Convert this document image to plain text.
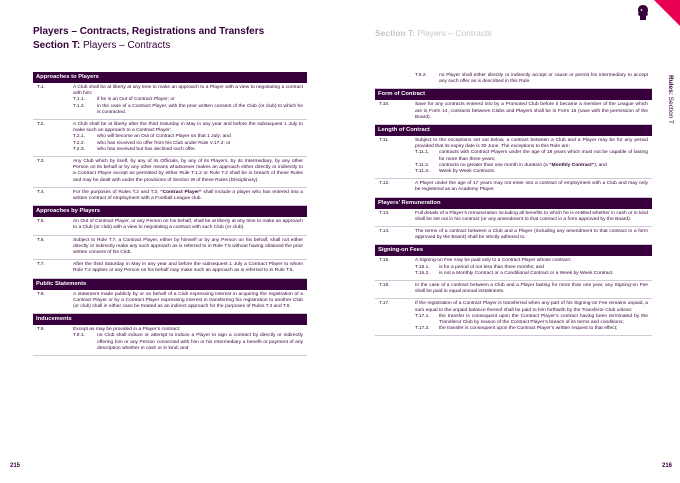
Players – Contracts, Registrations and Transfers
Section T: Players – Contracts
Approaches to Players
T.1.	A Club shall be at liberty at any time to make an approach to a Player with a view to negotiating a contract with him:
T.1.1.	if he is an Out of Contract Player; or
T.1.2.	in the case of a Contract Player, with the prior written consent of the Club (or club) to which he is contracted.
T.2.	A Club shall be at liberty after the third Saturday in May in any year and before the subsequent 1 July to make such an approach to a Contract Player:
T.2.1.	who will become an Out of Contract Player on that 1 July; and
T.2.2.	who has received no offer from his Club under Rule V.17.2; or
T.2.3.	who has received but has declined such offer.
T.3.	Any Club which by itself, by any of its Officials, by any of its Players, by its Intermediary, by any other Person on its behalf or by any other means whatsoever makes an approach either directly or indirectly to a Contract Player except as permitted by either Rule T.1.2 or Rule T.2 shall be in breach of these Rules and may be dealt with under the provisions of Section W of these Rules (Disciplinary).
T.4.	For the purposes of Rules T.2 and T.3, “Contract Player” shall include a player who has entered into a written contract of employment with a Football League club.
Approaches by Players
T.5.	An Out of Contract Player, or any Person on his behalf, shall be at liberty at any time to make an approach to a Club (or club) with a view to negotiating a contract with such Club (or club).
T.6.	Subject to Rule T.7, a Contract Player, either by himself or by any Person on his behalf, shall not either directly or indirectly make any such approach as is referred to in Rule T.5 without having obtained the prior written consent of his Club.
T.7.	After the third Saturday in May in any year and before the subsequent 1 July a Contract Player to whom Rule T.2 applies or any Person on his behalf may make such an approach as is referred to in Rule T.5.
Public Statements
T.8.	A statement made publicly by or on behalf of a Club expressing interest in acquiring the registration of a Contract Player or by a Contract Player expressing interest in transferring his registration to another Club (or club) shall in either case be treated as an indirect approach for the purposes of Rules T.3 and T.6.
Inducements
T.9.	Except as may be provided in a Player’s contract:
T.9.1.	no Club shall induce or attempt to induce a Player to sign a contract by directly or indirectly offering him or any Person connected with him or his Intermediary a benefit or payment of any description whether in cash or in kind; and
215
Section T: Players – Contracts
Rules: Section T
T.9.2.	no Player shall either directly or indirectly accept or cause or permit his Intermediary to accept any such offer as is described in this Rule.
Form of Contract
T.10.	Save for any contracts entered into by a Promoted Club before it became a member of the League which are in Form 14, contracts between Clubs and Players shall be in Form 15 (save with the permission of the Board).
Length of Contract
T.11.	Subject to the exceptions set out below, a contract between a Club and a Player may be for any period provided that its expiry date is 30 June. The exceptions to this Rule are:
T.11.1.	contracts with Contract Players under the age of 18 years which must not be capable of lasting for more than three years;
T.11.2.	contracts no greater than one month in duration (a “Monthly Contract”); and
T.11.3.	Week by Week Contracts.
T.12.	A Player under the age of 17 years may not enter into a contract of employment with a Club and may only be registered as an Academy Player.
Players’ Remuneration
T.13.	Full details of a Player’s remuneration including all benefits to which he is entitled whether in cash or in kind shall be set out in his contract (or any amendment to that contract in a form approved by the Board).
T.14.	The terms of a contract between a Club and a Player (including any amendment to that contract in a form approved by the Board) shall be strictly adhered to.
Signing-on Fees
T.15.	A Signing-on Fee may be paid only to a Contract Player whose contract:
T.15.1.	is for a period of not less than three months; and
T.15.2.	is not a Monthly Contract or a Conditional Contract or a Week by Week Contract.
T.16.	In the case of a contract between a Club and a Player lasting for more than one year, any Signing-on Fee shall be paid in equal annual instalments.
T.17.	If the registration of a Contract Player is transferred when any part of his Signing-on Fee remains unpaid, a sum equal to the unpaid balance thereof shall be paid to him forthwith by the Transferor Club unless:
T.17.1.	the transfer is consequent upon the Contract Player’s contract having been terminated by the Transferor Club by reason of the Contract Player’s breach of its terms and conditions;
T.17.2.	the transfer is consequent upon the Contract Player’s written request to that effect;
216
